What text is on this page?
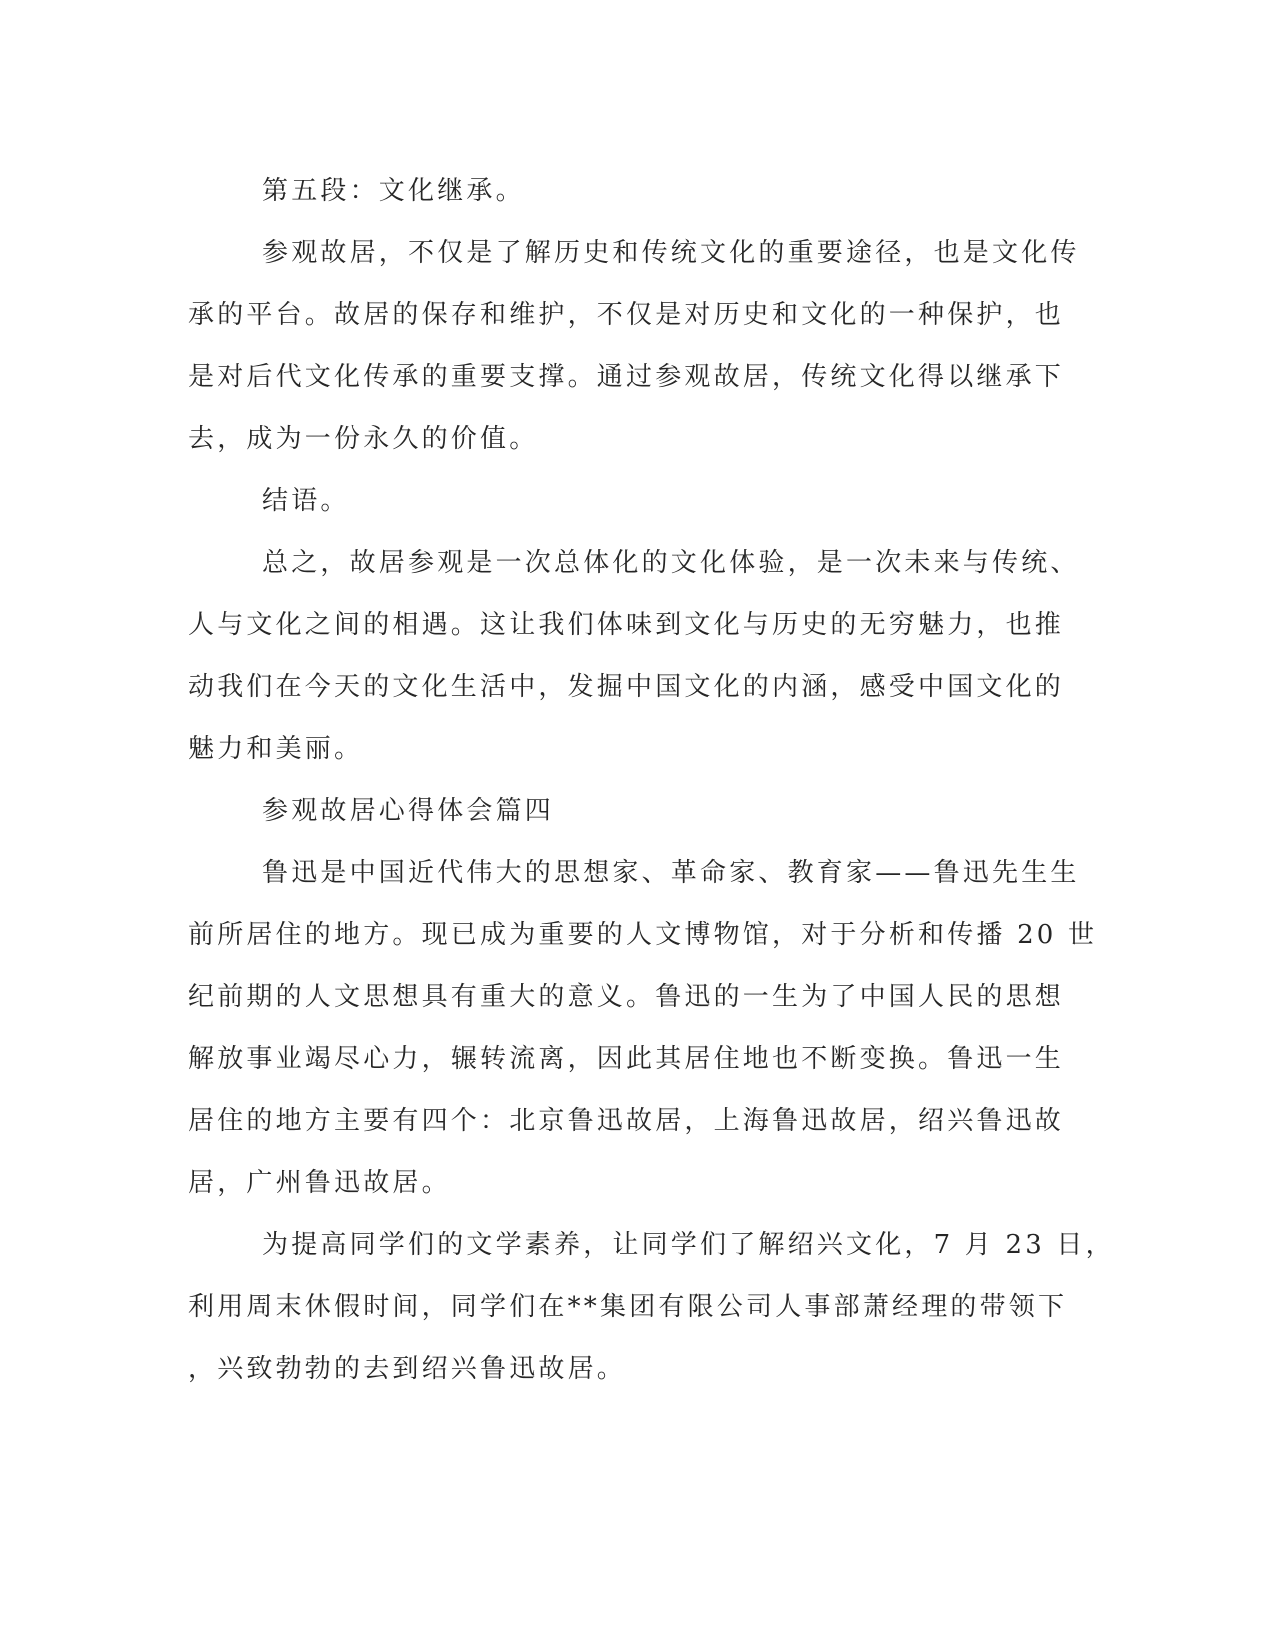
第五段：文化继承。
参观故居，不仅是了解历史和传统文化的重要途径，也是文化传
承的平台。故居的保存和维护，不仅是对历史和文化的一种保护，也
是对后代文化传承的重要支撑。通过参观故居，传统文化得以继承下
去，成为一份永久的价值。
结语。
总之，故居参观是一次总体化的文化体验，是一次未来与传统、
人与文化之间的相遇。这让我们体味到文化与历史的无穷魅力，也推
动我们在今天的文化生活中，发掘中国文化的内涵，感受中国文化的
魅力和美丽。
参观故居心得体会篇四
鲁迅是中国近代伟大的思想家、革命家、教育家——鲁迅先生生
前所居住的地方。现已成为重要的人文博物馆，对于分析和传播 20 世
纪前期的人文思想具有重大的意义。鲁迅的一生为了中国人民的思想
解放事业竭尽心力，辗转流离，因此其居住地也不断变换。鲁迅一生
居住的地方主要有四个：北京鲁迅故居，上海鲁迅故居，绍兴鲁迅故
居，广州鲁迅故居。
为提高同学们的文学素养，让同学们了解绍兴文化，7 月 23 日，
利用周末休假时间，同学们在**集团有限公司人事部萧经理的带领下
，兴致勃勃的去到绍兴鲁迅故居。
